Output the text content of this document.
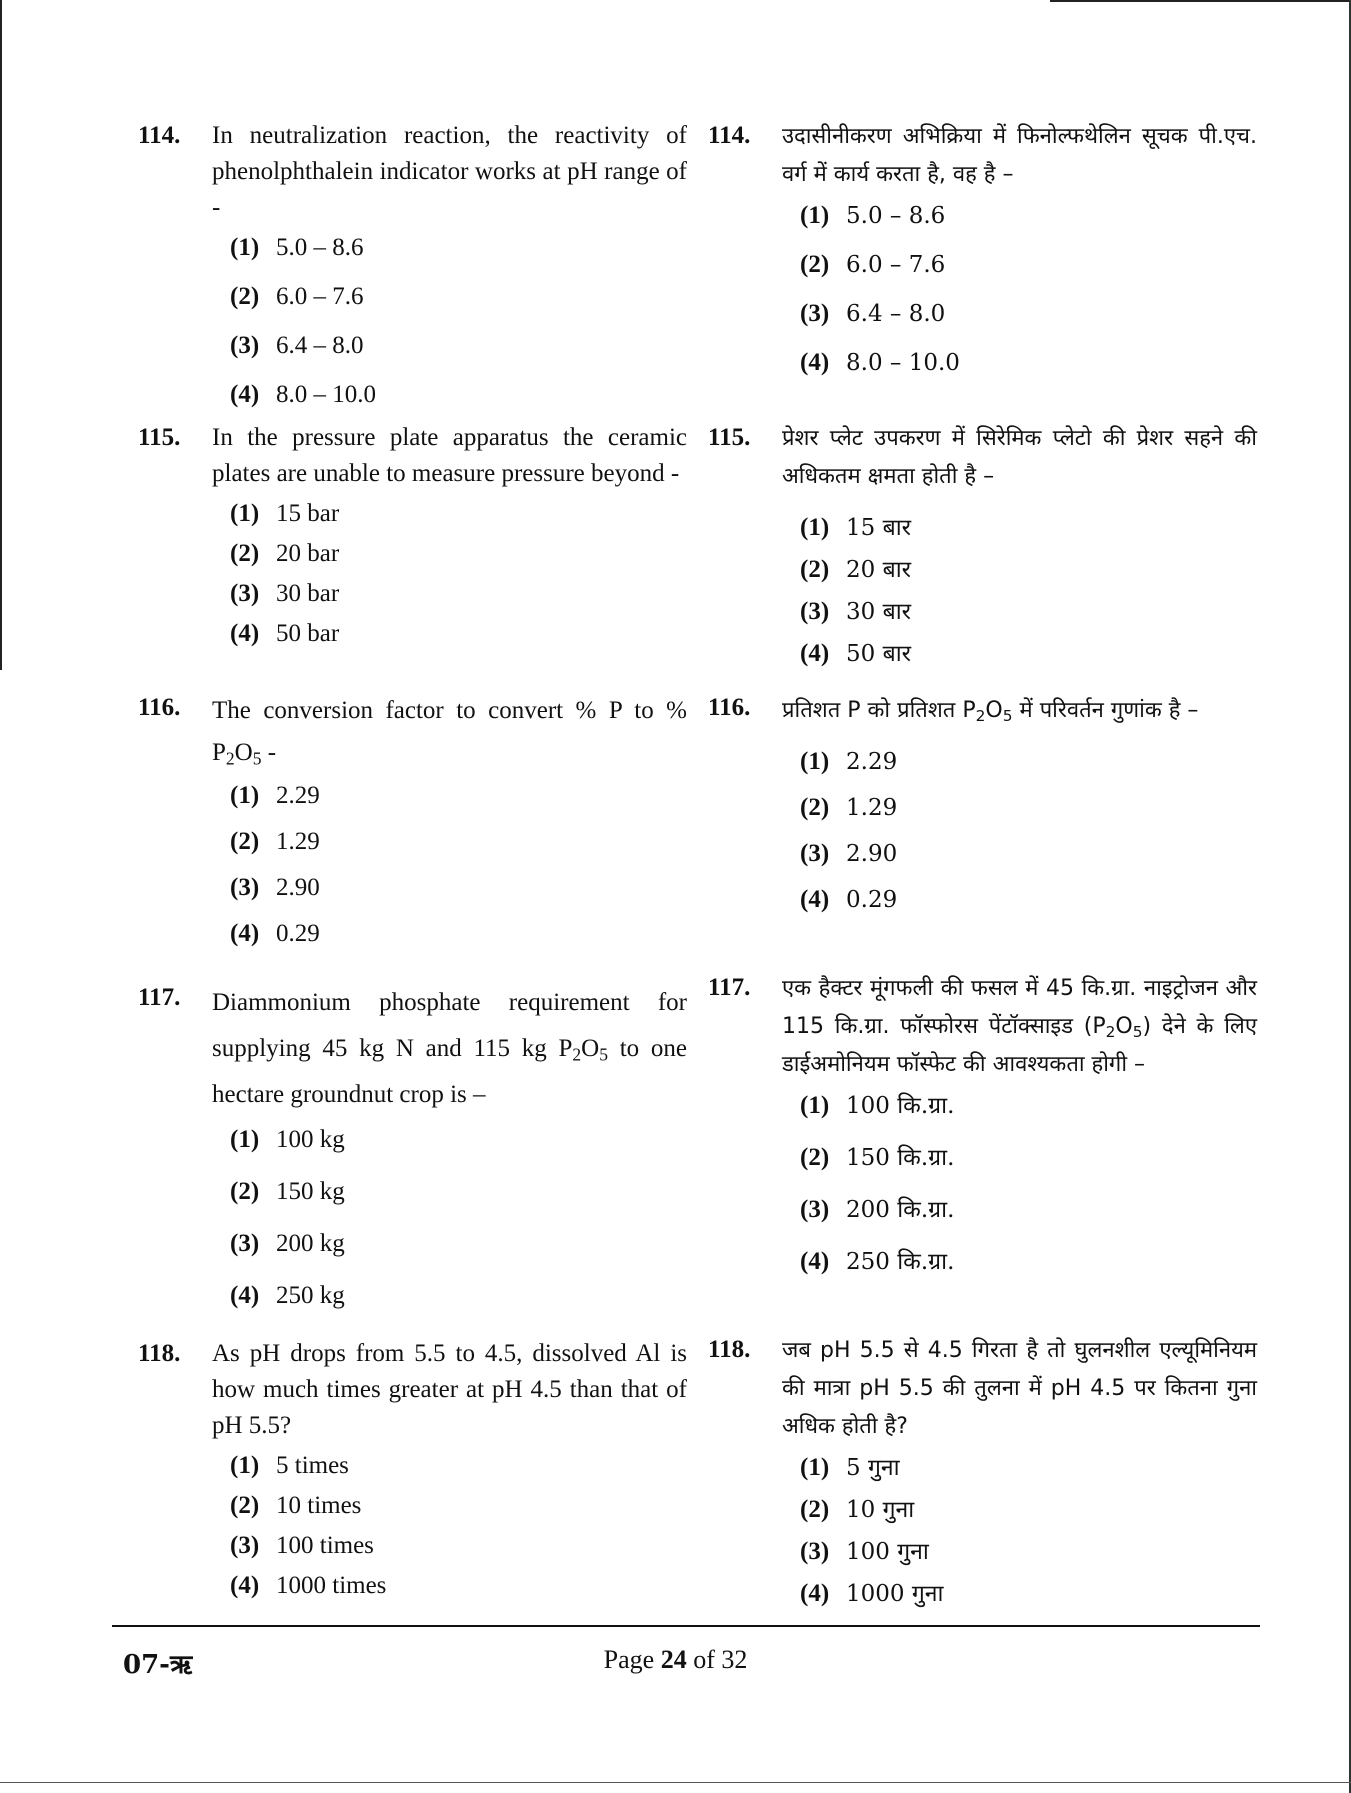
114. In neutralization reaction, the reactivity of phenolphthalein indicator works at pH range of -
(1) 5.0 – 8.6
(2) 6.0 – 7.6
(3) 6.4 – 8.0
(4) 8.0 – 10.0
115. In the pressure plate apparatus the ceramic plates are unable to measure pressure beyond -
(1) 15 bar
(2) 20 bar
(3) 30 bar
(4) 50 bar
116. The conversion factor to convert % P to % $P_2O_5$ -
(1) 2.29
(2) 1.29
(3) 2.90
(4) 0.29
117. Diammonium phosphate requirement for supplying 45 kg N and 115 kg $P_2O_5$ to one hectare groundnut crop is –
(1) 100 kg
(2) 150 kg
(3) 200 kg
(4) 250 kg
118. As pH drops from 5.5 to 4.5, dissolved Al is how much times greater at pH 4.5 than that of pH 5.5?
(1) 5 times
(2) 10 times
(3) 100 times
(4) 1000 times
114. उदासीनीकरण अभिक्रिया में फिनोल्फथेलिन सूचक पी.एच. वर्ग में कार्य करता है, वह है –
(1) 5.0 – 8.6
(2) 6.0 – 7.6
(3) 6.4 – 8.0
(4) 8.0 – 10.0
115. प्रेशर प्लेट उपकरण में सिरेमिक प्लेटो की प्रेशर सहने की अधिकतम क्षमता होती है –
(1) 15 बार
(2) 20 बार
(3) 30 बार
(4) 50 बार
116. प्रतिशत P को प्रतिशत $P_2O_5$ में परिवर्तन गुणांक है –
(1) 2.29
(2) 1.29
(3) 2.90
(4) 0.29
117. एक हैक्टर मूंगफली की फसल में 45 कि.ग्रा. नाइट्रोजन और 115 कि.ग्रा. फॉस्फोरस पेंटॉक्साइड $(P_2O_5)$ देने के लिए डाईअमोनियम फॉस्फेट की आवश्यकता होगी –
(1) 100 कि.ग्रा.
(2) 150 कि.ग्रा.
(3) 200 कि.ग्रा.
(4) 250 कि.ग्रा.
118. जब pH 5.5 से 4.5 गिरता है तो घुलनशील एल्यूमिनियम की मात्रा pH 5.5 की तुलना में pH 4.5 पर कितना गुना अधिक होती है?
(1) 5 गुना
(2) 10 गुना
(3) 100 गुना
(4) 1000 गुना
07-ऋ	Page 24 of 32
